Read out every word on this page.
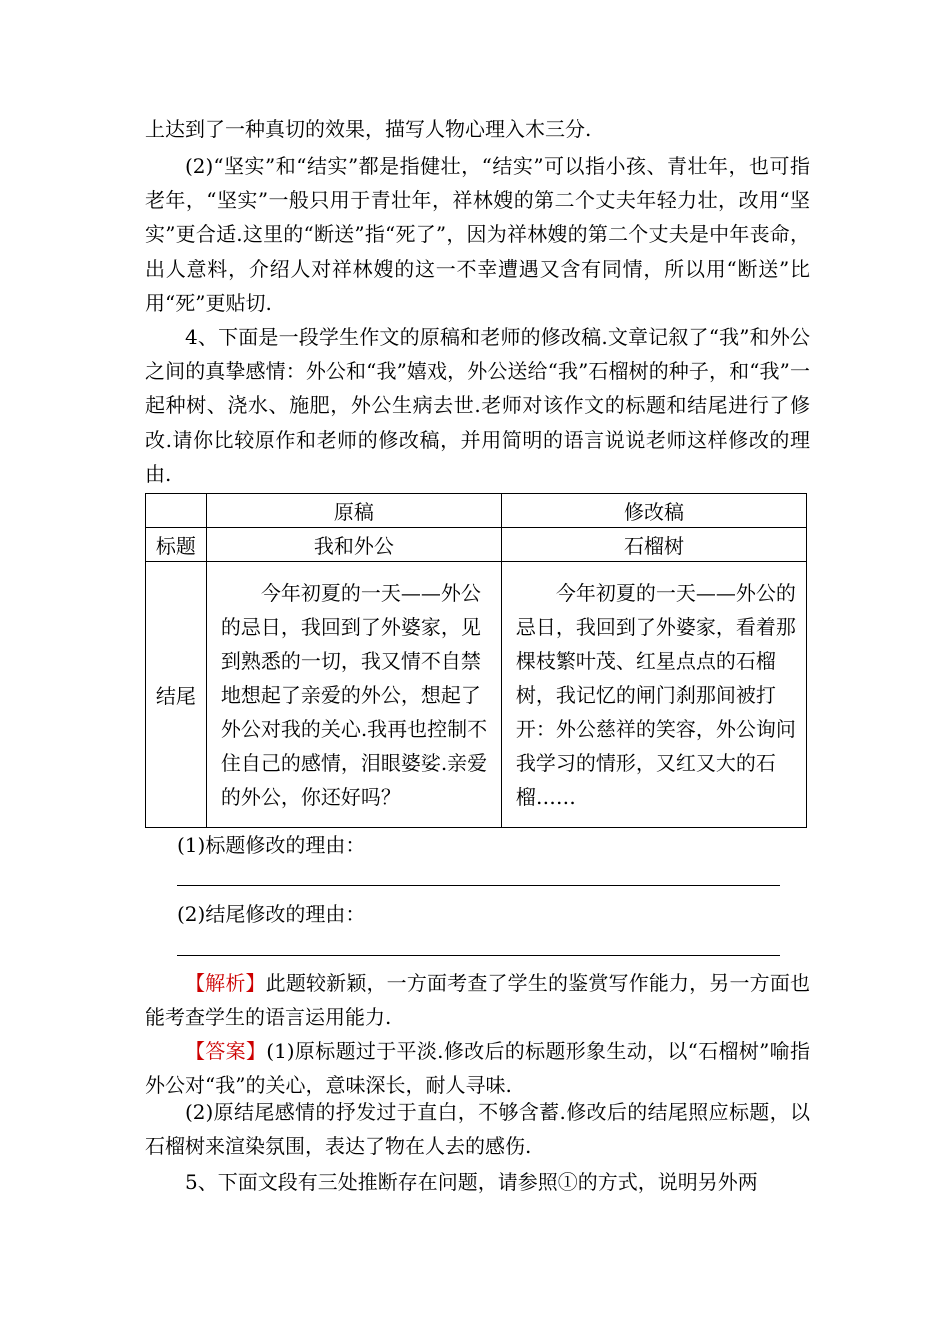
上达到了一种真切的效果，描写人物心理入木三分.

(2)“坚实”和“结实”都是指健壮，“结实”可以指小孩、青壮年，也可指老年，“坚实”一般只用于青壮年，祥林嫂的第二个丈夫年轻力壮，改用“坚实”更合适.这里的“断送”指“死了”，因为祥林嫂的第二个丈夫是中年丧命，出人意料，介绍人对祥林嫂的这一不幸遭遇又含有同情，所以用“断送”比用“死”更贴切.

4、下面是一段学生作文的原稿和老师的修改稿.文章记叙了“我”和外公之间的真挚感情：外公和“我”嬉戏，外公送给“我”石榴树的种子，和“我”一起种树、浇水、施肥，外公生病去世.老师对该作文的标题和结尾进行了修改.请你比较原作和老师的修改稿，并用简明的语言说说老师这样修改的理由.

	原稿	修改稿
标题	我和外公	石榴树
结尾	今年初夏的一天——外公的忌日，我回到了外婆家，见到熟悉的一切，我又情不自禁地想起了亲爱的外公，想起了外公对我的关心.我再也控制不住自己的感情，泪眼婆娑.亲爱的外公，你还好吗？	今年初夏的一天——外公的忌日，我回到了外婆家，看着那棵枝繁叶茂、红星点点的石榴树，我记忆的闸门刹那间被打开：外公慈祥的笑容，外公询问我学习的情形，又红又大的石榴……

(1)标题修改的理由：

(2)结尾修改的理由：

【解析】此题较新颖，一方面考查了学生的鉴赏写作能力，另一方面也能考查学生的语言运用能力.

【答案】(1)原标题过于平淡.修改后的标题形象生动，以“石榴树”喻指外公对“我”的关心，意味深长，耐人寻味.

(2)原结尾感情的抒发过于直白，不够含蓄.修改后的结尾照应标题，以石榴树来渲染氛围，表达了物在人去的感伤.

5、下面文段有三处推断存在问题，请参照①的方式，说明另外两
